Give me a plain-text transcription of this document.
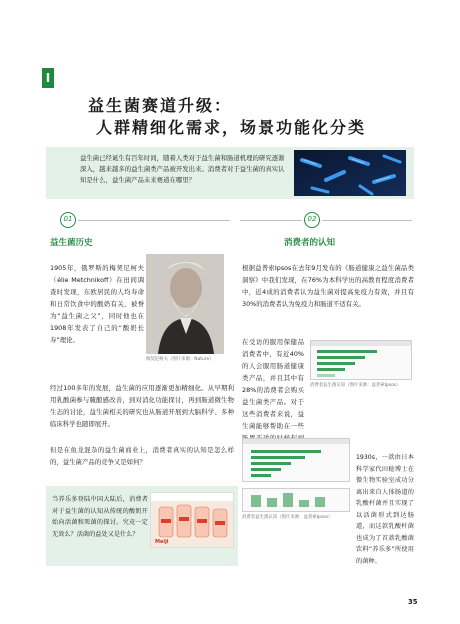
I
益生菌赛道升级：
人群精细化需求，场景功能化分类
益生菌已经诞生有百年时间，随着人类对于益生菌和肠道机理的研究逐渐深入，越来越多的益生菌类产品被开发出来。消费者对于益生菌的真实认知是什么，益生菌产品未来赛道在哪里？
01
益生菌历史
1905年，俄罗斯的梅契尼柯夫（élie Metchnikoff）在田间调查时发现，东欧居民的人均寿命和日常饮食中的酸奶有关，被誉为“益生菌之父”，同时他也在1908年发表了自己的“酸奶长寿”理论。
梅契尼柯夫（图片来源：Nature）
经过100多年的发展，益生菌的应用逐渐更加精细化。从早期利用乳酸菌参与腌酿感改善，到对消化功能探讨，再到肠道微生物生态的讨论，益生菌相关的研究也从肠道开展到大脑科学、多种临床科学也随即展开。
但是在鱼龙混杂的益生菌商业上，消费者真实的认知是怎么样的，益生菌产品的竞争又是如何？
当养乐多登陆中国大陆后，消费者对于益生菌的认知从传统的酸奶开始向活菌和死菌的探讨。究竟一定无效么？活菌的益处又是什么？
Meiji
02
消费者的认知
根据益普索Ipsos在去年9月发布的《肠道健康之益生菌品类洞察》中我们发现，在76%为本科学历的高教育程度消费者中，近4成的消费者认为益生菌对提高免疫力有效，并且有30%的消费者认为免疫力和肠道不适有关。
在受访的服用保健品消费者中，有近40%的人会服用肠道健康类产品，并且其中有28%的消费者会购买益生菌类产品。对于这些消费者来说，益生菌能够帮助在一些
消费者益生菌认知（图片来源：益普索Ipsos）
1930s，一款由日本科学家代田稔博士在微生物实验室成功分离出来自人体肠道的乳酸杆菌并且实现了以活菌形式到达肠道，而这款乳酸杆菌也成为了首款乳酸菌饮料“养乐多”所使用的菌种。
消费者益生菌认知（图片来源：益普索Ipsos）
35
